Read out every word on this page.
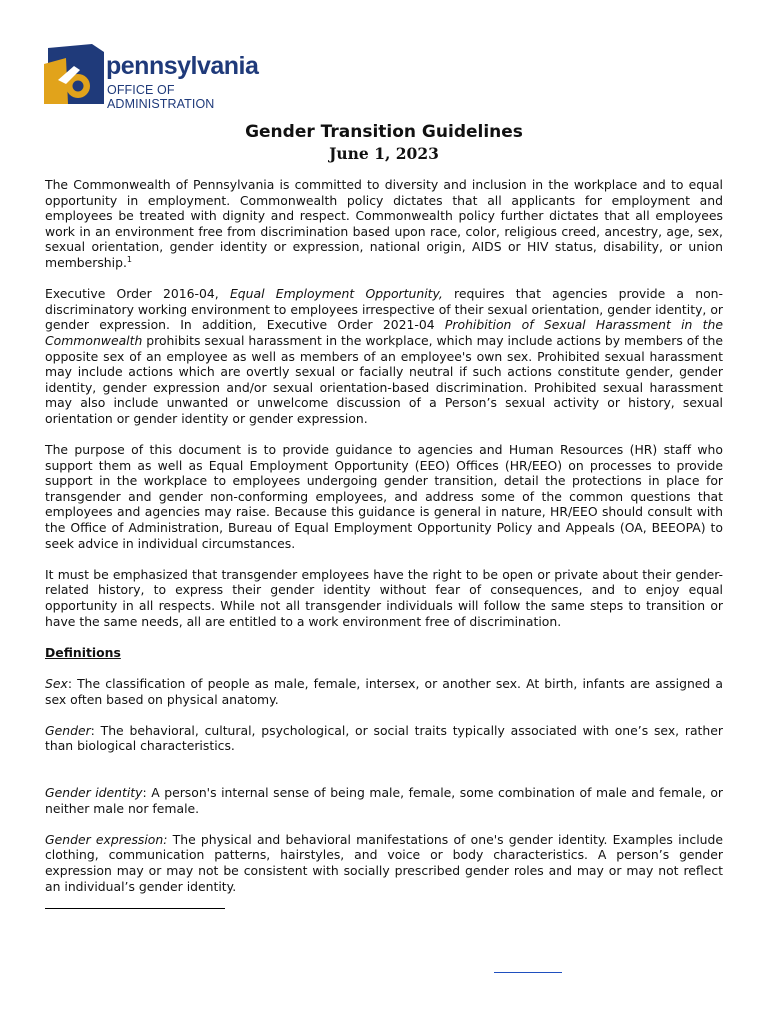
pennsylvania
OFFICE OF ADMINISTRATION
Gender Transition Guidelines
June 1, 2023

The Commonwealth of Pennsylvania is committed to diversity and inclusion in the workplace and to equal opportunity in employment. Commonwealth policy dictates that all applicants for employment and employees be treated with dignity and respect. Commonwealth policy further dictates that all employees work in an environment free from discrimination based upon race, color, religious creed, ancestry, age, sex, sexual orientation, gender identity or expression, national origin, AIDS or HIV status, disability, or union membership.$^1$

Executive Order 2016-04, Equal Employment Opportunity, requires that agencies provide a non-discriminatory working environment to employees irrespective of their sexual orientation, gender identity, or gender expression. In addition, Executive Order 2021-04 Prohibition of Sexual Harassment in the Commonwealth prohibits sexual harassment in the workplace, which may include actions by members of the opposite sex of an employee as well as members of an employee's own sex. Prohibited sexual harassment may include actions which are overtly sexual or facially neutral if such actions constitute gender, gender identity, gender expression and/or sexual orientation-based discrimination. Prohibited sexual harassment may also include unwanted or unwelcome discussion of a Person’s sexual activity or history, sexual orientation or gender identity or gender expression.

The purpose of this document is to provide guidance to agencies and Human Resources (HR) staff who support them as well as Equal Employment Opportunity (EEO) Offices (HR/EEO) on processes to provide support in the workplace to employees undergoing gender transition, detail the protections in place for transgender and gender non-conforming employees, and address some of the common questions that employees and agencies may raise. Because this guidance is general in nature, HR/EEO should consult with the Office of Administration, Bureau of Equal Employment Opportunity Policy and Appeals (OA, BEEOPA) to seek advice in individual circumstances.

It must be emphasized that transgender employees have the right to be open or private about their gender-related history, to express their gender identity without fear of consequences, and to enjoy equal opportunity in all respects. While not all transgender individuals will follow the same steps to transition or have the same needs, all are entitled to a work environment free of discrimination.

Definitions

Sex: The classification of people as male, female, intersex, or another sex. At birth, infants are assigned a sex often based on physical anatomy.

Gender: The behavioral, cultural, psychological, or social traits typically associated with one’s sex, rather than biological characteristics.

Gender identity: A person's internal sense of being male, female, some combination of male and female, or neither male nor female.

Gender expression: The physical and behavioral manifestations of one's gender identity. Examples include clothing, communication patterns, hairstyles, and voice or body characteristics. A person’s gender expression may or may not be consistent with socially prescribed gender roles and may or may not reflect an individual’s gender identity.
